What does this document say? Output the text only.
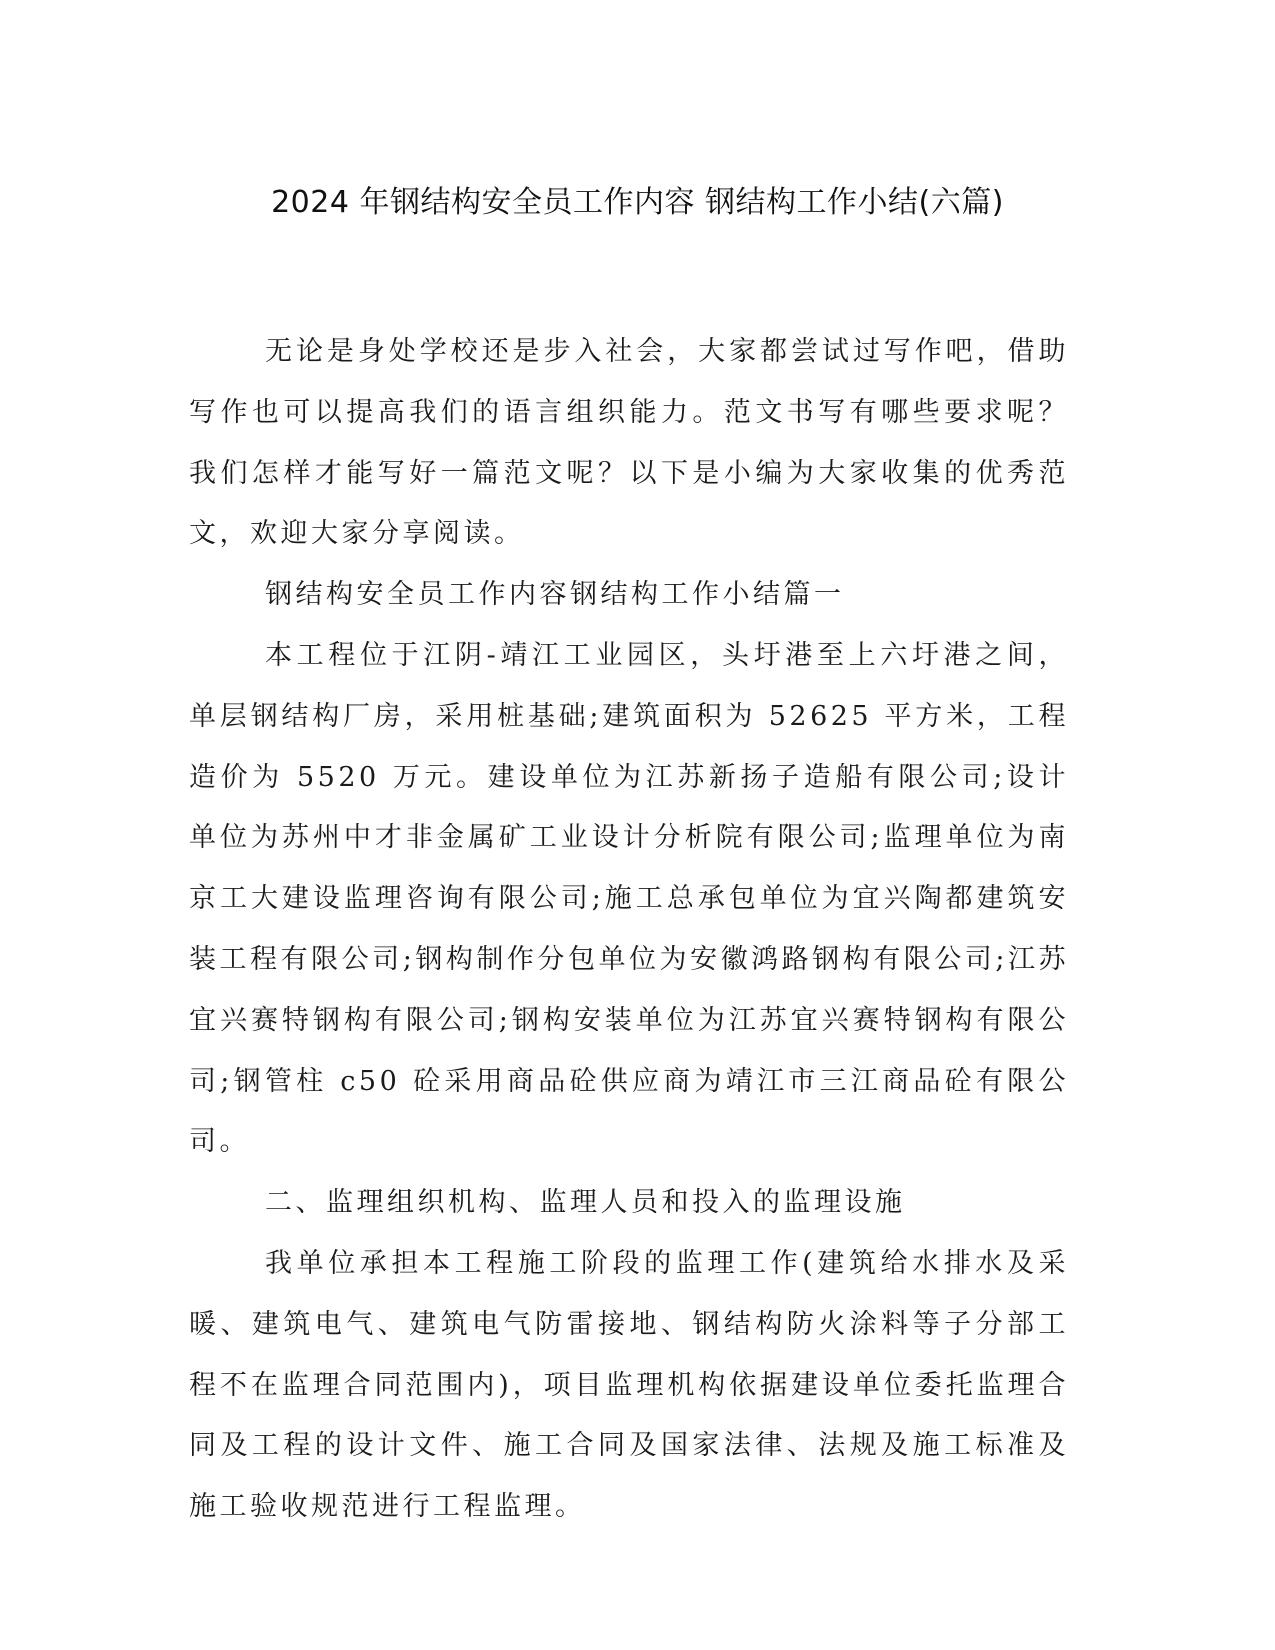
2024 年钢结构安全员工作内容 钢结构工作小结(六篇)

无论是身处学校还是步入社会，大家都尝试过写作吧，借助写作也可以提高我们的语言组织能力。范文书写有哪些要求呢？我们怎样才能写好一篇范文呢？以下是小编为大家收集的优秀范文，欢迎大家分享阅读。

钢结构安全员工作内容钢结构工作小结篇一

本工程位于江阴-靖江工业园区，头圩港至上六圩港之间，单层钢结构厂房，采用桩基础;建筑面积为 52625 平方米，工程造价为 5520 万元。建设单位为江苏新扬子造船有限公司;设计单位为苏州中才非金属矿工业设计分析院有限公司;监理单位为南京工大建设监理咨询有限公司;施工总承包单位为宜兴陶都建筑安装工程有限公司;钢构制作分包单位为安徽鸿路钢构有限公司;江苏宜兴赛特钢构有限公司;钢构安装单位为江苏宜兴赛特钢构有限公司;钢管柱 c50 砼采用商品砼供应商为靖江市三江商品砼有限公司。

二、监理组织机构、监理人员和投入的监理设施

我单位承担本工程施工阶段的监理工作(建筑给水排水及采暖、建筑电气、建筑电气防雷接地、钢结构防火涂料等子分部工程不在监理合同范围内)，项目监理机构依据建设单位委托监理合同及工程的设计文件、施工合同及国家法律、法规及施工标准及施工验收规范进行工程监理。
